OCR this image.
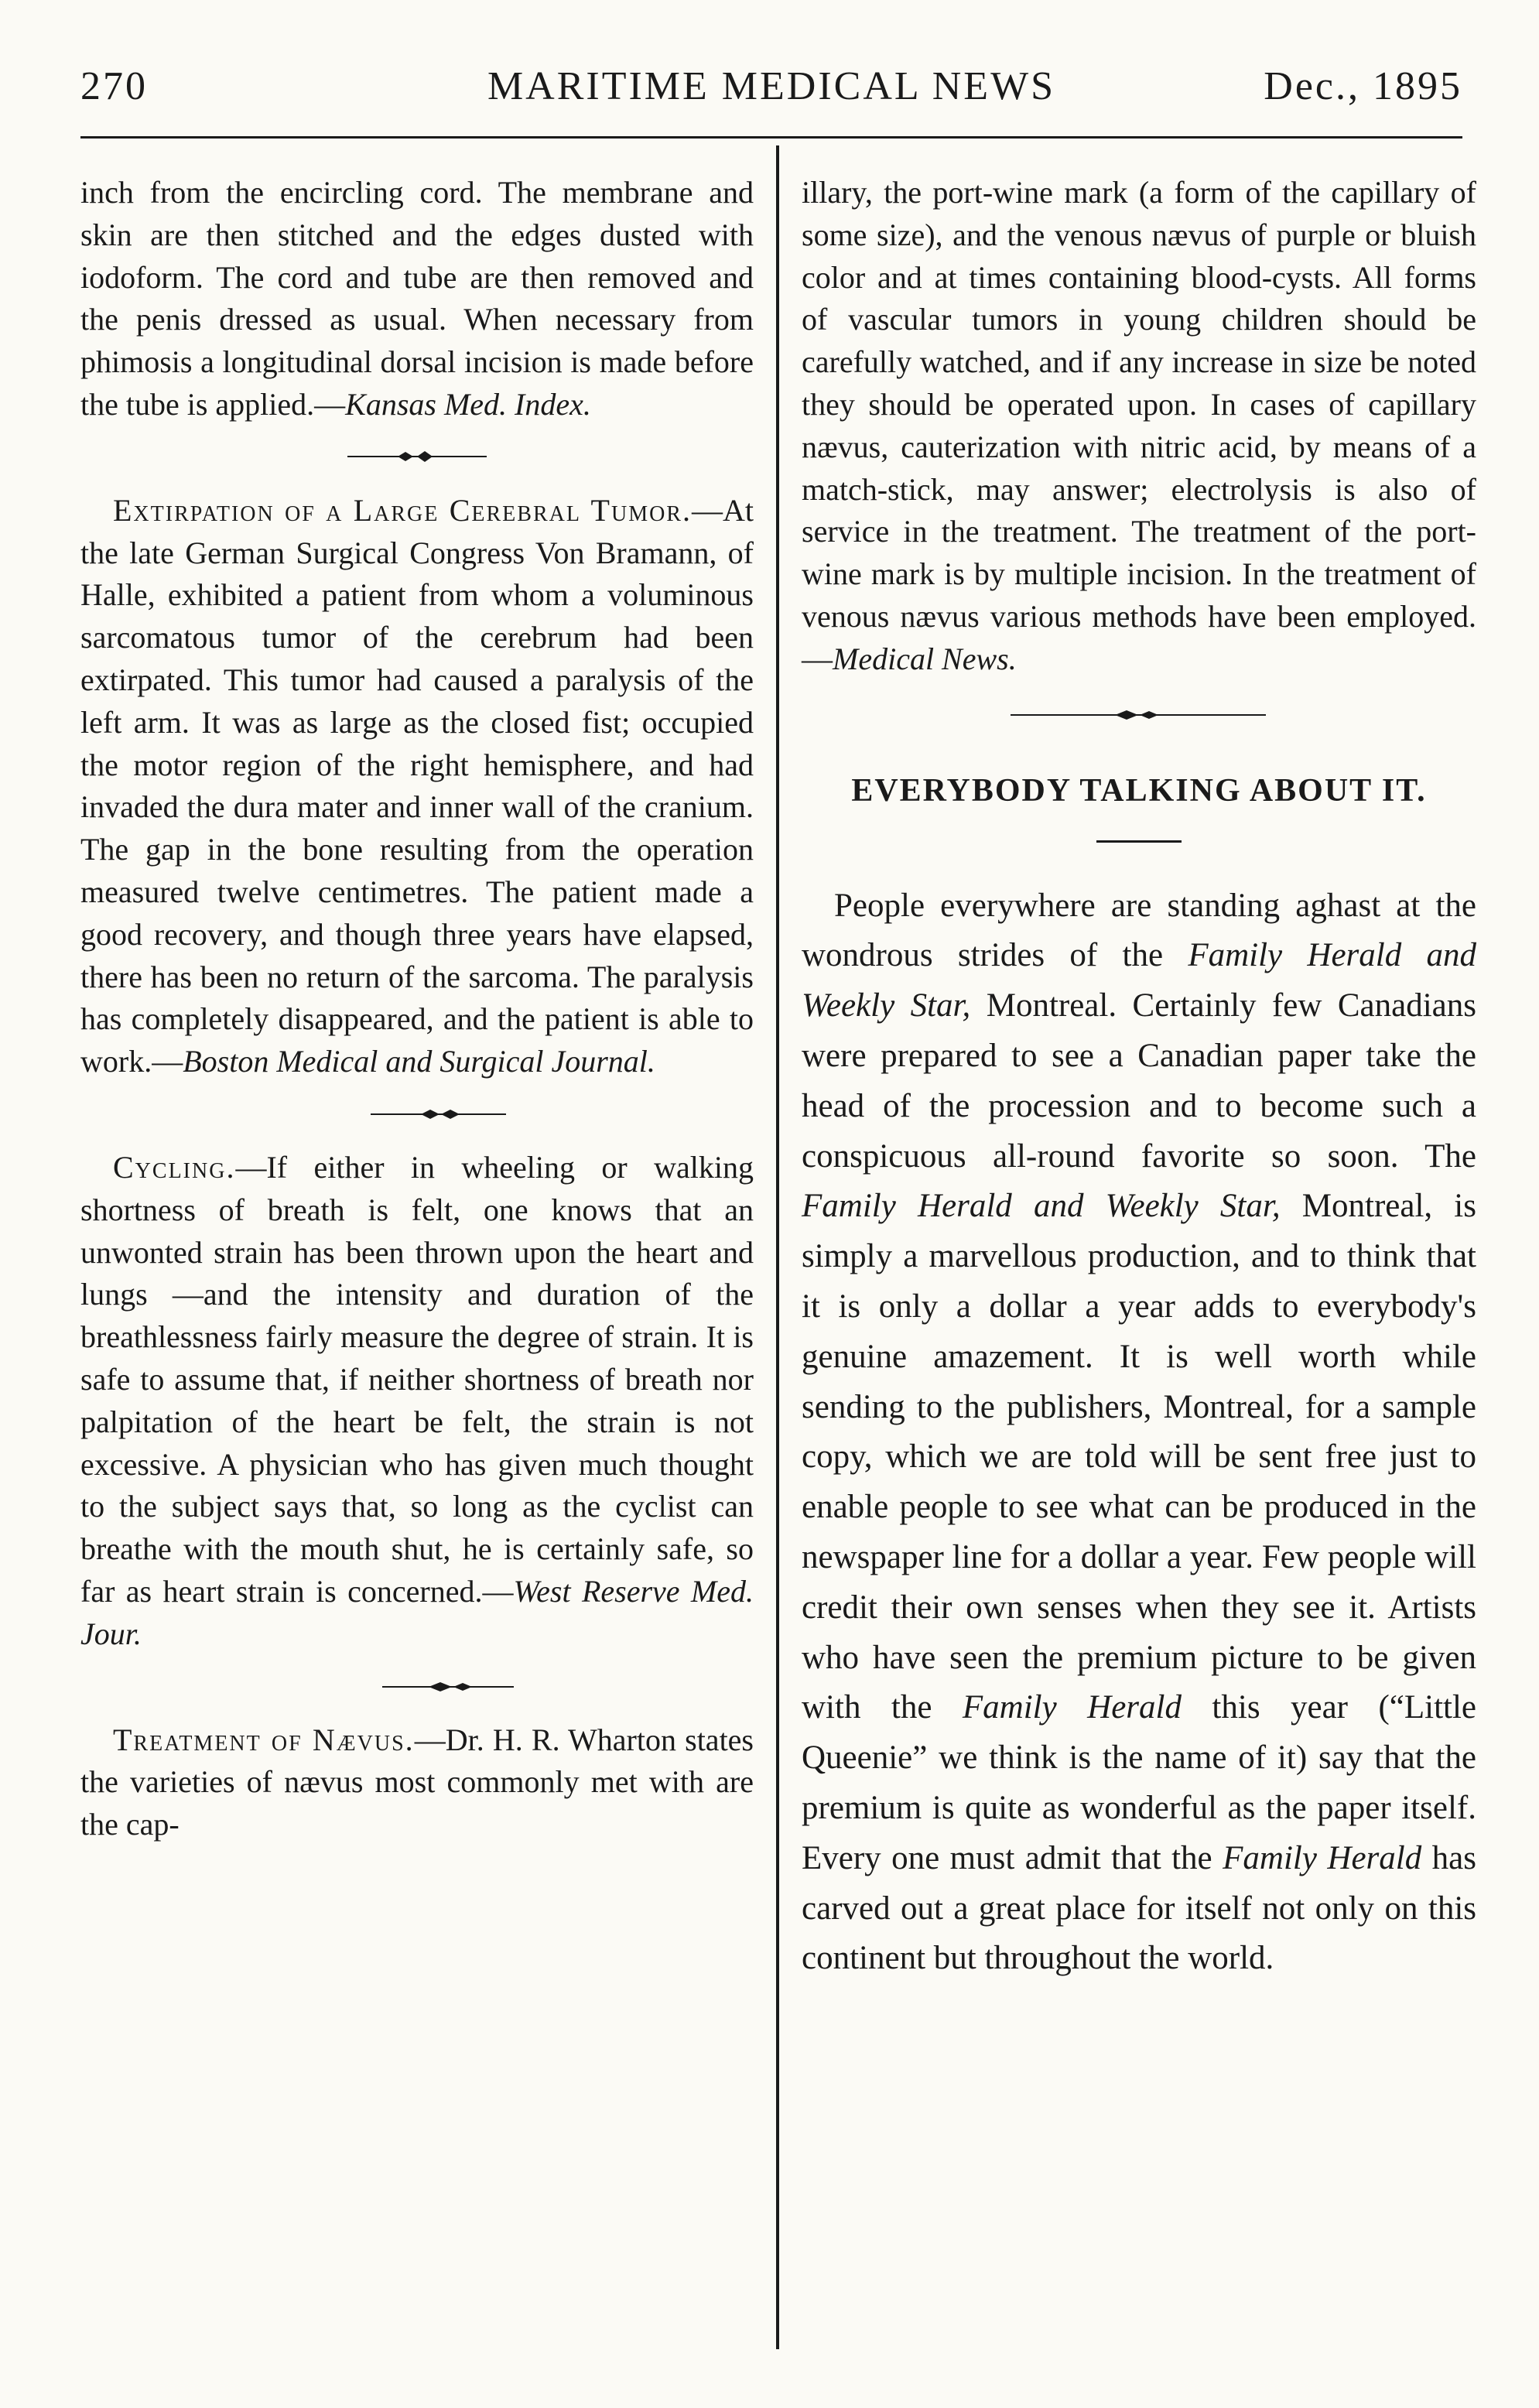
270	MARITIME MEDICAL NEWS	Dec., 1895

inch from the encircling cord. The membrane and skin are then stitched and the edges dusted with iodoform. The cord and tube are then removed and the penis dressed as usual. When necessary from phimosis a longitudinal dorsal incision is made before the tube is applied.—Kansas Med. Index.

Extirpation of a Large Cerebral Tumor.—At the late German Surgical Congress Von Bramann, of Halle, exhibited a patient from whom a voluminous sarcomatous tumor of the cerebrum had been extirpated. This tumor had caused a paralysis of the left arm. It was as large as the closed fist; occupied the motor region of the right hemisphere, and had invaded the dura mater and inner wall of the cranium. The gap in the bone resulting from the operation measured twelve centimetres. The patient made a good recovery, and though three years have elapsed, there has been no return of the sarcoma. The paralysis has completely disappeared, and the patient is able to work.—Boston Medical and Surgical Journal.

Cycling.—If either in wheeling or walking shortness of breath is felt, one knows that an unwonted strain has been thrown upon the heart and lungs —and the intensity and duration of the breathlessness fairly measure the degree of strain. It is safe to assume that, if neither shortness of breath nor palpitation of the heart be felt, the strain is not excessive. A physician who has given much thought to the subject says that, so long as the cyclist can breathe with the mouth shut, he is certainly safe, so far as heart strain is concerned.—West Reserve Med. Jour.

Treatment of Nævus.—Dr. H. R. Wharton states the varieties of nævus most commonly met with are the cap-

illary, the port-wine mark (a form of the capillary of some size), and the venous nævus of purple or bluish color and at times containing blood-cysts. All forms of vascular tumors in young children should be carefully watched, and if any increase in size be noted they should be operated upon. In cases of capillary nævus, cauterization with nitric acid, by means of a match-stick, may answer; electrolysis is also of service in the treatment. The treatment of the port-wine mark is by multiple incision. In the treatment of venous nævus various methods have been employed.—Medical News.

EVERYBODY TALKING ABOUT IT.

People everywhere are standing aghast at the wondrous strides of the Family Herald and Weekly Star, Montreal. Certainly few Canadians were prepared to see a Canadian paper take the head of the procession and to become such a conspicuous all-round favorite so soon. The Family Herald and Weekly Star, Montreal, is simply a marvellous production, and to think that it is only a dollar a year adds to everybody's genuine amazement. It is well worth while sending to the publishers, Montreal, for a sample copy, which we are told will be sent free just to enable people to see what can be produced in the newspaper line for a dollar a year. Few people will credit their own senses when they see it. Artists who have seen the premium picture to be given with the Family Herald this year (“Little Queenie” we think is the name of it) say that the premium is quite as wonderful as the paper itself. Every one must admit that the Family Herald has carved out a great place for itself not only on this continent but throughout the world.
